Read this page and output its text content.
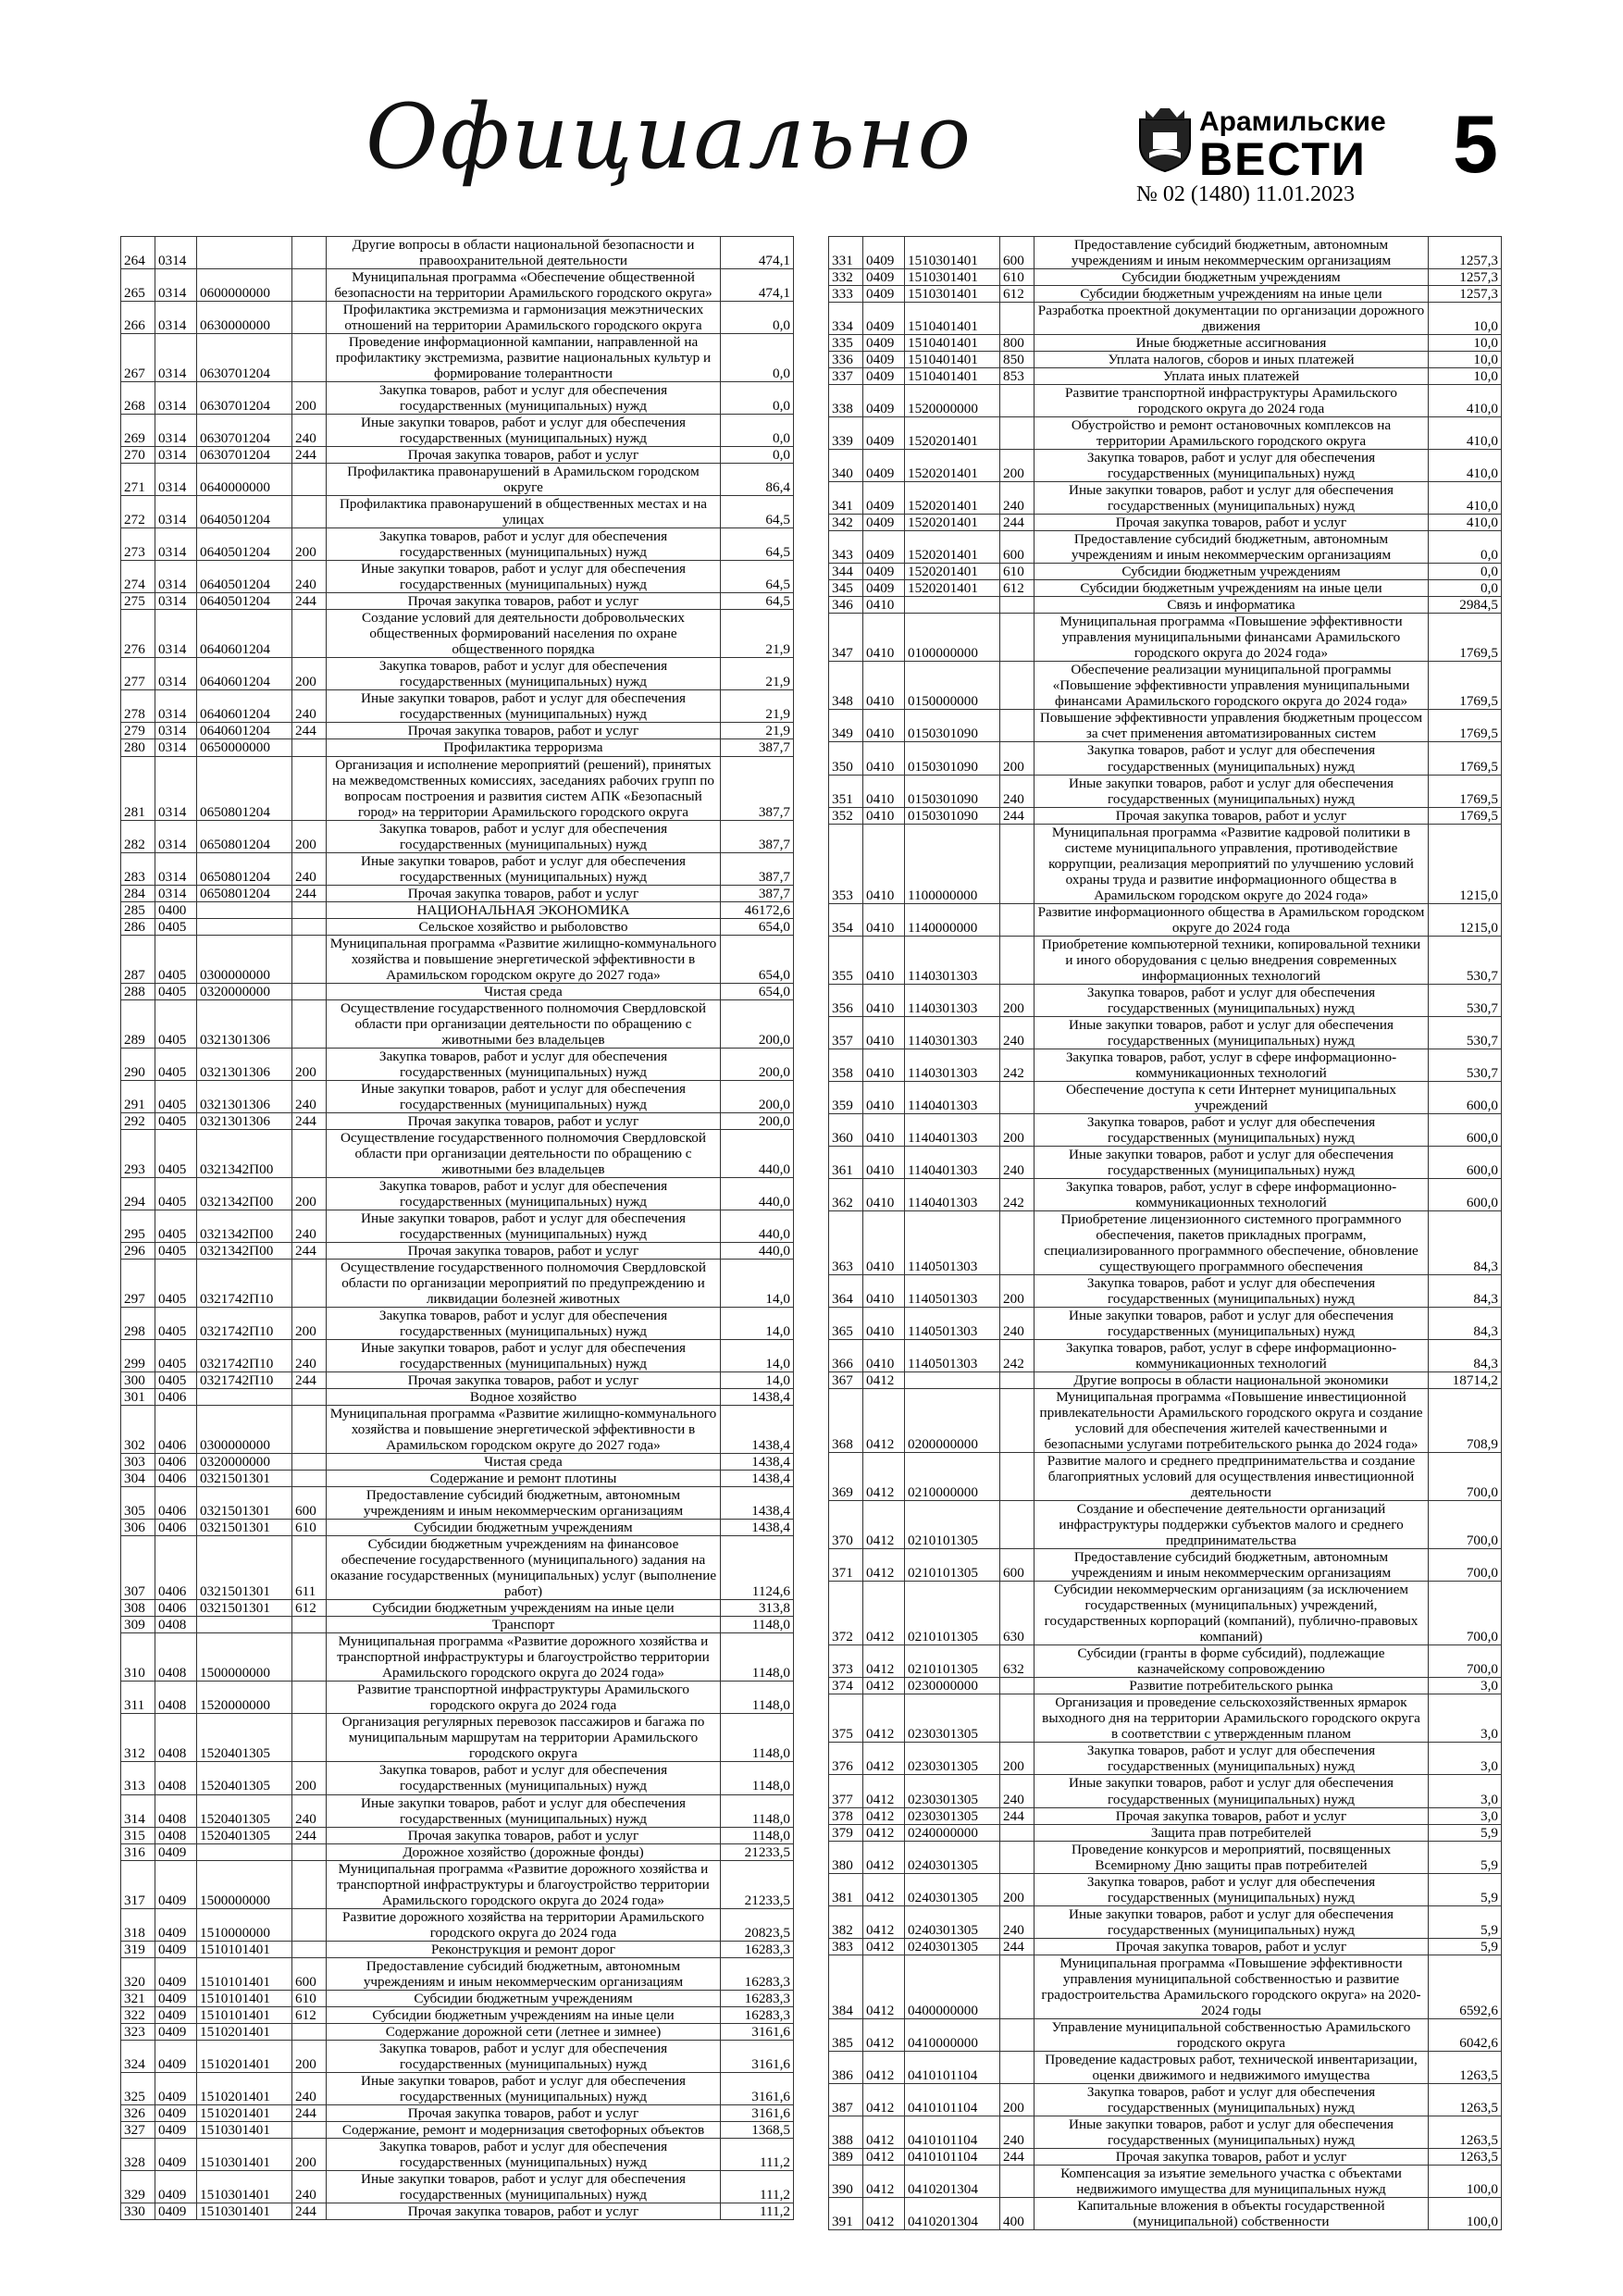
Официально	Арамильские
ВЕСТИ
№ 02 (1480) 11.01.2023
5
264	0314			Другие вопросы в области национальной безопасности и правоохранительной деятельности	474,1
265	0314	0600000000		Муниципальная программа «Обеспечение общественной безопасности на территории Арамильского городского округа»	474,1
266	0314	0630000000		Профилактика экстремизма и гармонизация межэтнических отношений на территории Арамильского городского округа	0,0
267	0314	0630701204		Проведение информационной кампании, направленной на профилактику экстремизма, развитие национальных культур и формирование толерантности	0,0
268	0314	0630701204	200	Закупка товаров, работ и услуг для обеспечения государственных (муниципальных) нужд	0,0
269	0314	0630701204	240	Иные закупки товаров, работ и услуг для обеспечения государственных (муниципальных) нужд	0,0
270	0314	0630701204	244	Прочая закупка товаров, работ и услуг	0,0
271	0314	0640000000		Профилактика правонарушений в Арамильском городском округе	86,4
272	0314	0640501204		Профилактика правонарушений в общественных местах и на улицах	64,5
273	0314	0640501204	200	Закупка товаров, работ и услуг для обеспечения государственных (муниципальных) нужд	64,5
274	0314	0640501204	240	Иные закупки товаров, работ и услуг для обеспечения государственных (муниципальных) нужд	64,5
275	0314	0640501204	244	Прочая закупка товаров, работ и услуг	64,5
276	0314	0640601204		Создание условий для деятельности добровольческих общественных формирований населения по охране общественного порядка	21,9
277	0314	0640601204	200	Закупка товаров, работ и услуг для обеспечения государственных (муниципальных) нужд	21,9
278	0314	0640601204	240	Иные закупки товаров, работ и услуг для обеспечения государственных (муниципальных) нужд	21,9
279	0314	0640601204	244	Прочая закупка товаров, работ и услуг	21,9
280	0314	0650000000		Профилактика терроризма	387,7
281	0314	0650801204		Организация и исполнение мероприятий (решений), принятых на межведомственных комиссиях, заседаниях рабочих групп по вопросам построения и развития систем АПК «Безопасный город» на территории Арамильского городского округа	387,7
282	0314	0650801204	200	Закупка товаров, работ и услуг для обеспечения государственных (муниципальных) нужд	387,7
283	0314	0650801204	240	Иные закупки товаров, работ и услуг для обеспечения государственных (муниципальных) нужд	387,7
284	0314	0650801204	244	Прочая закупка товаров, работ и услуг	387,7
285	0400			НАЦИОНАЛЬНАЯ ЭКОНОМИКА	46172,6
286	0405			Сельское хозяйство и рыболовство	654,0
287	0405	0300000000		Муниципальная программа «Развитие жилищно-коммунального хозяйства и повышение энергетической эффективности в Арамильском городском округе до 2027 года»	654,0
288	0405	0320000000		Чистая среда	654,0
289	0405	0321301306		Осуществление государственного полномочия Свердловской области при организации деятельности по обращению с животными без владельцев	200,0
290	0405	0321301306	200	Закупка товаров, работ и услуг для обеспечения государственных (муниципальных) нужд	200,0
291	0405	0321301306	240	Иные закупки товаров, работ и услуг для обеспечения государственных (муниципальных) нужд	200,0
292	0405	0321301306	244	Прочая закупка товаров, работ и услуг	200,0
293	0405	0321342П00		Осуществление государственного полномочия Свердловской области при организации деятельности по обращению с животными без владельцев	440,0
294	0405	0321342П00	200	Закупка товаров, работ и услуг для обеспечения государственных (муниципальных) нужд	440,0
295	0405	0321342П00	240	Иные закупки товаров, работ и услуг для обеспечения государственных (муниципальных) нужд	440,0
296	0405	0321342П00	244	Прочая закупка товаров, работ и услуг	440,0
297	0405	0321742П10		Осуществление государственного полномочия Свердловской области по организации мероприятий по предупреждению и ликвидации болезней животных	14,0
298	0405	0321742П10	200	Закупка товаров, работ и услуг для обеспечения государственных (муниципальных) нужд	14,0
299	0405	0321742П10	240	Иные закупки товаров, работ и услуг для обеспечения государственных (муниципальных) нужд	14,0
300	0405	0321742П10	244	Прочая закупка товаров, работ и услуг	14,0
301	0406			Водное хозяйство	1438,4
302	0406	0300000000		Муниципальная программа «Развитие жилищно-коммунального хозяйства и повышение энергетической эффективности в Арамильском городском округе до 2027 года»	1438,4
303	0406	0320000000		Чистая среда	1438,4
304	0406	0321501301		Содержание и ремонт плотины	1438,4
305	0406	0321501301	600	Предоставление субсидий бюджетным, автономным учреждениям и иным некоммерческим организациям	1438,4
306	0406	0321501301	610	Субсидии бюджетным учреждениям	1438,4
307	0406	0321501301	611	Субсидии бюджетным учреждениям на финансовое обеспечение государственного (муниципального) задания на оказание государственных (муниципальных) услуг (выполнение работ)	1124,6
308	0406	0321501301	612	Субсидии бюджетным учреждениям на иные цели	313,8
309	0408			Транспорт	1148,0
310	0408	1500000000		Муниципальная программа «Развитие дорожного хозяйства и транспортной инфраструктуры и благоустройство территории Арамильского городского округа до 2024 года»	1148,0
311	0408	1520000000		Развитие транспортной инфраструктуры Арамильского городского округа до 2024 года	1148,0
312	0408	1520401305		Организация регулярных перевозок пассажиров и багажа по муниципальным маршрутам на территории Арамильского городского округа	1148,0
313	0408	1520401305	200	Закупка товаров, работ и услуг для обеспечения государственных (муниципальных) нужд	1148,0
314	0408	1520401305	240	Иные закупки товаров, работ и услуг для обеспечения государственных (муниципальных) нужд	1148,0
315	0408	1520401305	244	Прочая закупка товаров, работ и услуг	1148,0
316	0409			Дорожное хозяйство (дорожные фонды)	21233,5
317	0409	1500000000		Муниципальная программа «Развитие дорожного хозяйства и транспортной инфраструктуры и благоустройство территории Арамильского городского округа до 2024 года»	21233,5
318	0409	1510000000		Развитие дорожного хозяйства на территории Арамильского городского округа до 2024 года	20823,5
319	0409	1510101401		Реконструкция и ремонт дорог	16283,3
320	0409	1510101401	600	Предоставление субсидий бюджетным, автономным учреждениям и иным некоммерческим организациям	16283,3
321	0409	1510101401	610	Субсидии бюджетным учреждениям	16283,3
322	0409	1510101401	612	Субсидии бюджетным учреждениям на иные цели	16283,3
323	0409	1510201401		Содержание дорожной сети (летнее и зимнее)	3161,6
324	0409	1510201401	200	Закупка товаров, работ и услуг для обеспечения государственных (муниципальных) нужд	3161,6
325	0409	1510201401	240	Иные закупки товаров, работ и услуг для обеспечения государственных (муниципальных) нужд	3161,6
326	0409	1510201401	244	Прочая закупка товаров, работ и услуг	3161,6
327	0409	1510301401		Содержание, ремонт и модернизация светофорных объектов	1368,5
328	0409	1510301401	200	Закупка товаров, работ и услуг для обеспечения государственных (муниципальных) нужд	111,2
329	0409	1510301401	240	Иные закупки товаров, работ и услуг для обеспечения государственных (муниципальных) нужд	111,2
330	0409	1510301401	244	Прочая закупка товаров, работ и услуг	111,2
331	0409	1510301401	600	Предоставление субсидий бюджетным, автономным учреждениям и иным некоммерческим организациям	1257,3
332	0409	1510301401	610	Субсидии бюджетным учреждениям	1257,3
333	0409	1510301401	612	Субсидии бюджетным учреждениям на иные цели	1257,3
334	0409	1510401401		Разработка проектной документации по организации дорожного движения	10,0
335	0409	1510401401	800	Иные бюджетные ассигнования	10,0
336	0409	1510401401	850	Уплата налогов, сборов и иных платежей	10,0
337	0409	1510401401	853	Уплата иных платежей	10,0
338	0409	1520000000		Развитие транспортной инфраструктуры Арамильского городского округа до 2024 года	410,0
339	0409	1520201401		Обустройство и ремонт остановочных комплексов на территории Арамильского городского округа	410,0
340	0409	1520201401	200	Закупка товаров, работ и услуг для обеспечения государственных (муниципальных) нужд	410,0
341	0409	1520201401	240	Иные закупки товаров, работ и услуг для обеспечения государственных (муниципальных) нужд	410,0
342	0409	1520201401	244	Прочая закупка товаров, работ и услуг	410,0
343	0409	1520201401	600	Предоставление субсидий бюджетным, автономным учреждениям и иным некоммерческим организациям	0,0
344	0409	1520201401	610	Субсидии бюджетным учреждениям	0,0
345	0409	1520201401	612	Субсидии бюджетным учреждениям на иные цели	0,0
346	0410			Связь и информатика	2984,5
347	0410	0100000000		Муниципальная программа «Повышение эффективности управления муниципальными финансами Арамильского городского округа до 2024 года»	1769,5
348	0410	0150000000		Обеспечение реализации муниципальной программы «Повышение эффективности управления муниципальными финансами Арамильского городского округа до 2024 года»	1769,5
349	0410	0150301090		Повышение эффективности управления бюджетным процессом за счет применения автоматизированных систем	1769,5
350	0410	0150301090	200	Закупка товаров, работ и услуг для обеспечения государственных (муниципальных) нужд	1769,5
351	0410	0150301090	240	Иные закупки товаров, работ и услуг для обеспечения государственных (муниципальных) нужд	1769,5
352	0410	0150301090	244	Прочая закупка товаров, работ и услуг	1769,5
353	0410	1100000000		Муниципальная программа «Развитие кадровой политики в системе муниципального управления, противодействие коррупции, реализация мероприятий по улучшению условий охраны труда и развитие информационного общества в Арамильском городском округе до 2024 года»	1215,0
354	0410	1140000000		Развитие информационного общества в Арамильском городском округе до 2024 года	1215,0
355	0410	1140301303		Приобретение компьютерной техники, копировальной техники и иного оборудования с целью внедрения современных информационных технологий	530,7
356	0410	1140301303	200	Закупка товаров, работ и услуг для обеспечения государственных (муниципальных) нужд	530,7
357	0410	1140301303	240	Иные закупки товаров, работ и услуг для обеспечения государственных (муниципальных) нужд	530,7
358	0410	1140301303	242	Закупка товаров, работ, услуг в сфере информационно-коммуникационных технологий	530,7
359	0410	1140401303		Обеспечение доступа к сети Интернет муниципальных учреждений	600,0
360	0410	1140401303	200	Закупка товаров, работ и услуг для обеспечения государственных (муниципальных) нужд	600,0
361	0410	1140401303	240	Иные закупки товаров, работ и услуг для обеспечения государственных (муниципальных) нужд	600,0
362	0410	1140401303	242	Закупка товаров, работ, услуг в сфере информационно-коммуникационных технологий	600,0
363	0410	1140501303		Приобретение лицензионного системного программного обеспечения, пакетов прикладных программ, специализированного программного обеспечение, обновление существующего программного обеспечения	84,3
364	0410	1140501303	200	Закупка товаров, работ и услуг для обеспечения государственных (муниципальных) нужд	84,3
365	0410	1140501303	240	Иные закупки товаров, работ и услуг для обеспечения государственных (муниципальных) нужд	84,3
366	0410	1140501303	242	Закупка товаров, работ, услуг в сфере информационно-коммуникационных технологий	84,3
367	0412			Другие вопросы в области национальной экономики	18714,2
368	0412	0200000000		Муниципальная программа «Повышение инвестиционной привлекательности Арамильского городского округа и создание условий для обеспечения жителей качественными и безопасными услугами потребительского рынка до 2024 года»	708,9
369	0412	0210000000		Развитие малого и среднего предпринимательства и создание благоприятных условий для осуществления инвестиционной деятельности	700,0
370	0412	0210101305		Создание и обеспечение деятельности организаций инфраструктуры поддержки субъектов малого и среднего предпринимательства	700,0
371	0412	0210101305	600	Предоставление субсидий бюджетным, автономным учреждениям и иным некоммерческим организациям	700,0
372	0412	0210101305	630	Субсидии некоммерческим организациям (за исключением государственных (муниципальных) учреждений, государственных корпораций (компаний), публично-правовых компаний)	700,0
373	0412	0210101305	632	Субсидии (гранты в форме субсидий), подлежащие казначейскому сопровождению	700,0
374	0412	0230000000		Развитие потребительского рынка	3,0
375	0412	0230301305		Организация и проведение сельскохозяйственных ярмарок выходного дня на территории Арамильского городского округа в соответствии с утвержденным планом	3,0
376	0412	0230301305	200	Закупка товаров, работ и услуг для обеспечения государственных (муниципальных) нужд	3,0
377	0412	0230301305	240	Иные закупки товаров, работ и услуг для обеспечения государственных (муниципальных) нужд	3,0
378	0412	0230301305	244	Прочая закупка товаров, работ и услуг	3,0
379	0412	0240000000		Защита прав потребителей	5,9
380	0412	0240301305		Проведение конкурсов и мероприятий, посвященных Всемирному Дню защиты прав потребителей	5,9
381	0412	0240301305	200	Закупка товаров, работ и услуг для обеспечения государственных (муниципальных) нужд	5,9
382	0412	0240301305	240	Иные закупки товаров, работ и услуг для обеспечения государственных (муниципальных) нужд	5,9
383	0412	0240301305	244	Прочая закупка товаров, работ и услуг	5,9
384	0412	0400000000		Муниципальная программа «Повышение эффективности управления муниципальной собственностью и развитие градостроительства Арамильского городского округа» на 2020-2024 годы	6592,6
385	0412	0410000000		Управление муниципальной собственностью Арамильского городского округа	6042,6
386	0412	0410101104		Проведение кадастровых работ, технической инвентаризации, оценки движимого и недвижимого имущества	1263,5
387	0412	0410101104	200	Закупка товаров, работ и услуг для обеспечения государственных (муниципальных) нужд	1263,5
388	0412	0410101104	240	Иные закупки товаров, работ и услуг для обеспечения государственных (муниципальных) нужд	1263,5
389	0412	0410101104	244	Прочая закупка товаров, работ и услуг	1263,5
390	0412	0410201304		Компенсация за изъятие земельного участка с объектами недвижимого имущества для муниципальных нужд	100,0
391	0412	0410201304	400	Капитальные вложения в объекты государственной (муниципальной) собственности	100,0
